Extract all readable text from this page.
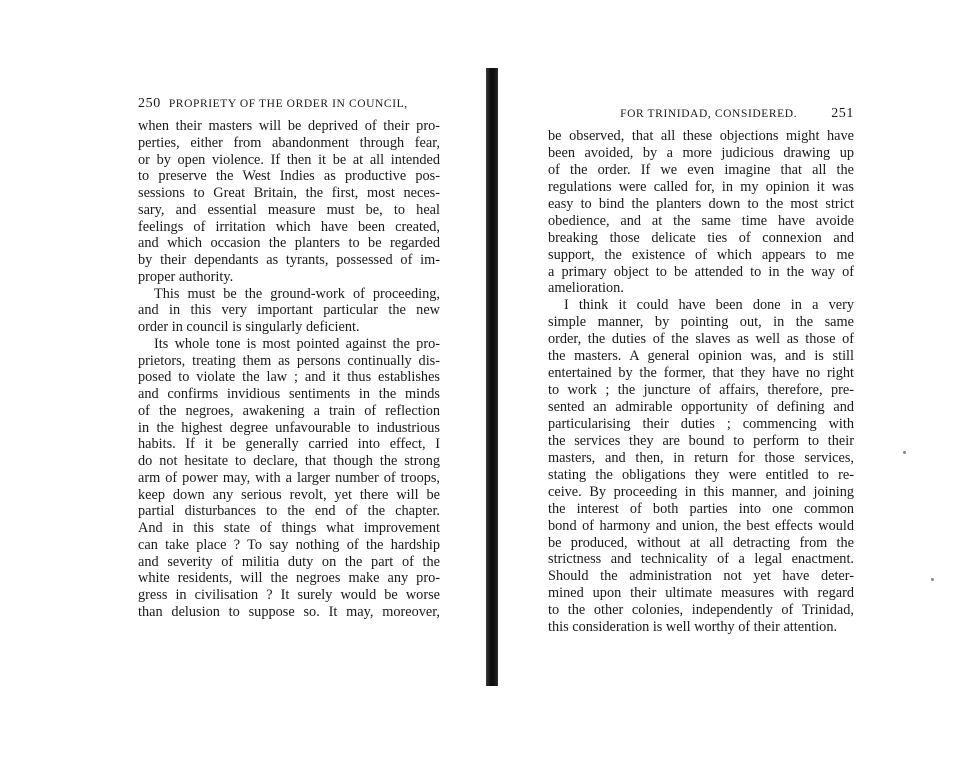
250 PROPRIETY OF THE ORDER IN COUNCIL,
when their masters will be deprived of their pro-
perties, either from abandonment through fear,
or by open violence. If then it be at all intended
to preserve the West Indies as productive pos-
sessions to Great Britain, the first, most neces-
sary, and essential measure must be, to heal
feelings of irritation which have been created,
and which occasion the planters to be regarded
by their dependants as tyrants, possessed of im-
proper authority.
This must be the ground-work of proceeding,
and in this very important particular the new
order in council is singularly deficient.
Its whole tone is most pointed against the pro-
prietors, treating them as persons continually dis-
posed to violate the law ; and it thus establishes
and confirms invidious sentiments in the minds
of the negroes, awakening a train of reflection
in the highest degree unfavourable to industrious
habits. If it be generally carried into effect, I
do not hesitate to declare, that though the strong
arm of power may, with a larger number of troops,
keep down any serious revolt, yet there will be
partial disturbances to the end of the chapter.
And in this state of things what improvement
can take place ? To say nothing of the hardship
and severity of militia duty on the part of the
white residents, will the negroes make any pro-
gress in civilisation ? It surely would be worse
than delusion to suppose so. It may, moreover,
FOR TRINIDAD, CONSIDERED. 251
be observed, that all these objections might have
been avoided, by a more judicious drawing up
of the order. If we even imagine that all the
regulations were called for, in my opinion it was
easy to bind the planters down to the most strict
obedience, and at the same time have avoide
breaking those delicate ties of connexion and
support, the existence of which appears to me
a primary object to be attended to in the way of
amelioration.
I think it could have been done in a very
simple manner, by pointing out, in the same
order, the duties of the slaves as well as those of
the masters. A general opinion was, and is still
entertained by the former, that they have no right
to work ; the juncture of affairs, therefore, pre-
sented an admirable opportunity of defining and
particularising their duties ; commencing with
the services they are bound to perform to their
masters, and then, in return for those services,
stating the obligations they were entitled to re-
ceive. By proceeding in this manner, and joining
the interest of both parties into one common
bond of harmony and union, the best effects would
be produced, without at all detracting from the
strictness and technicality of a legal enactment.
Should the administration not yet have deter-
mined upon their ultimate measures with regard
to the other colonies, independently of Trinidad,
this consideration is well worthy of their attention.
